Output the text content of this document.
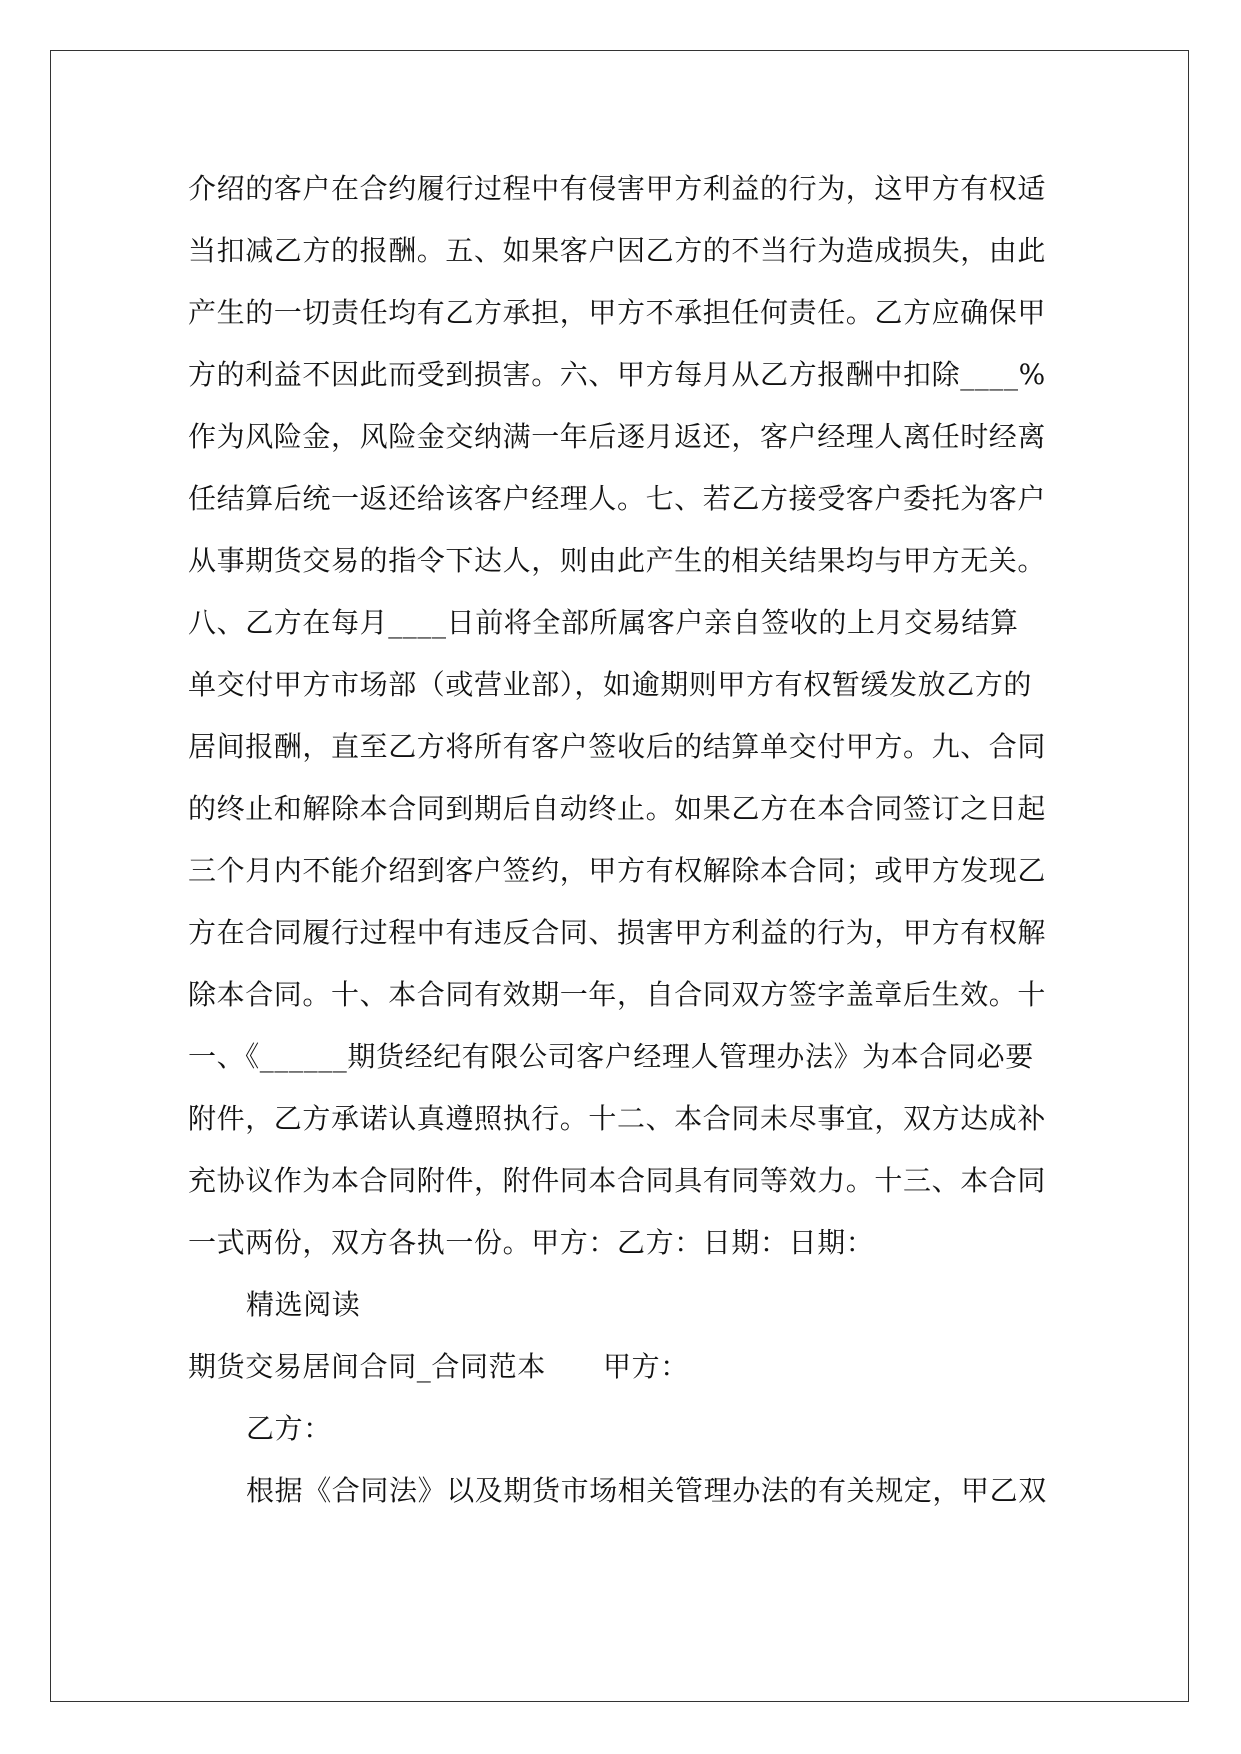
介绍的客户在合约履行过程中有侵害甲方利益的行为，这甲方有权适
当扣减乙方的报酬。五、如果客户因乙方的不当行为造成损失，由此
产生的一切责任均有乙方承担，甲方不承担任何责任。乙方应确保甲
方的利益不因此而受到损害。六、甲方每月从乙方报酬中扣除____%
作为风险金，风险金交纳满一年后逐月返还，客户经理人离任时经离
任结算后统一返还给该客户经理人。七、若乙方接受客户委托为客户
从事期货交易的指令下达人，则由此产生的相关结果均与甲方无关。
八、乙方在每月____日前将全部所属客户亲自签收的上月交易结算
单交付甲方市场部（或营业部），如逾期则甲方有权暂缓发放乙方的
居间报酬，直至乙方将所有客户签收后的结算单交付甲方。九、合同
的终止和解除本合同到期后自动终止。如果乙方在本合同签订之日起
三个月内不能介绍到客户签约，甲方有权解除本合同；或甲方发现乙
方在合同履行过程中有违反合同、损害甲方利益的行为，甲方有权解
除本合同。十、本合同有效期一年，自合同双方签字盖章后生效。十
一、《______期货经纪有限公司客户经理人管理办法》为本合同必要
附件，乙方承诺认真遵照执行。十二、本合同未尽事宜，双方达成补
充协议作为本合同附件，附件同本合同具有同等效力。十三、本合同
一式两份，双方各执一份。甲方：乙方：日期：日期：
精选阅读
期货交易居间合同_合同范本　　甲方：
乙方：
根据《合同法》以及期货市场相关管理办法的有关规定，甲乙双
